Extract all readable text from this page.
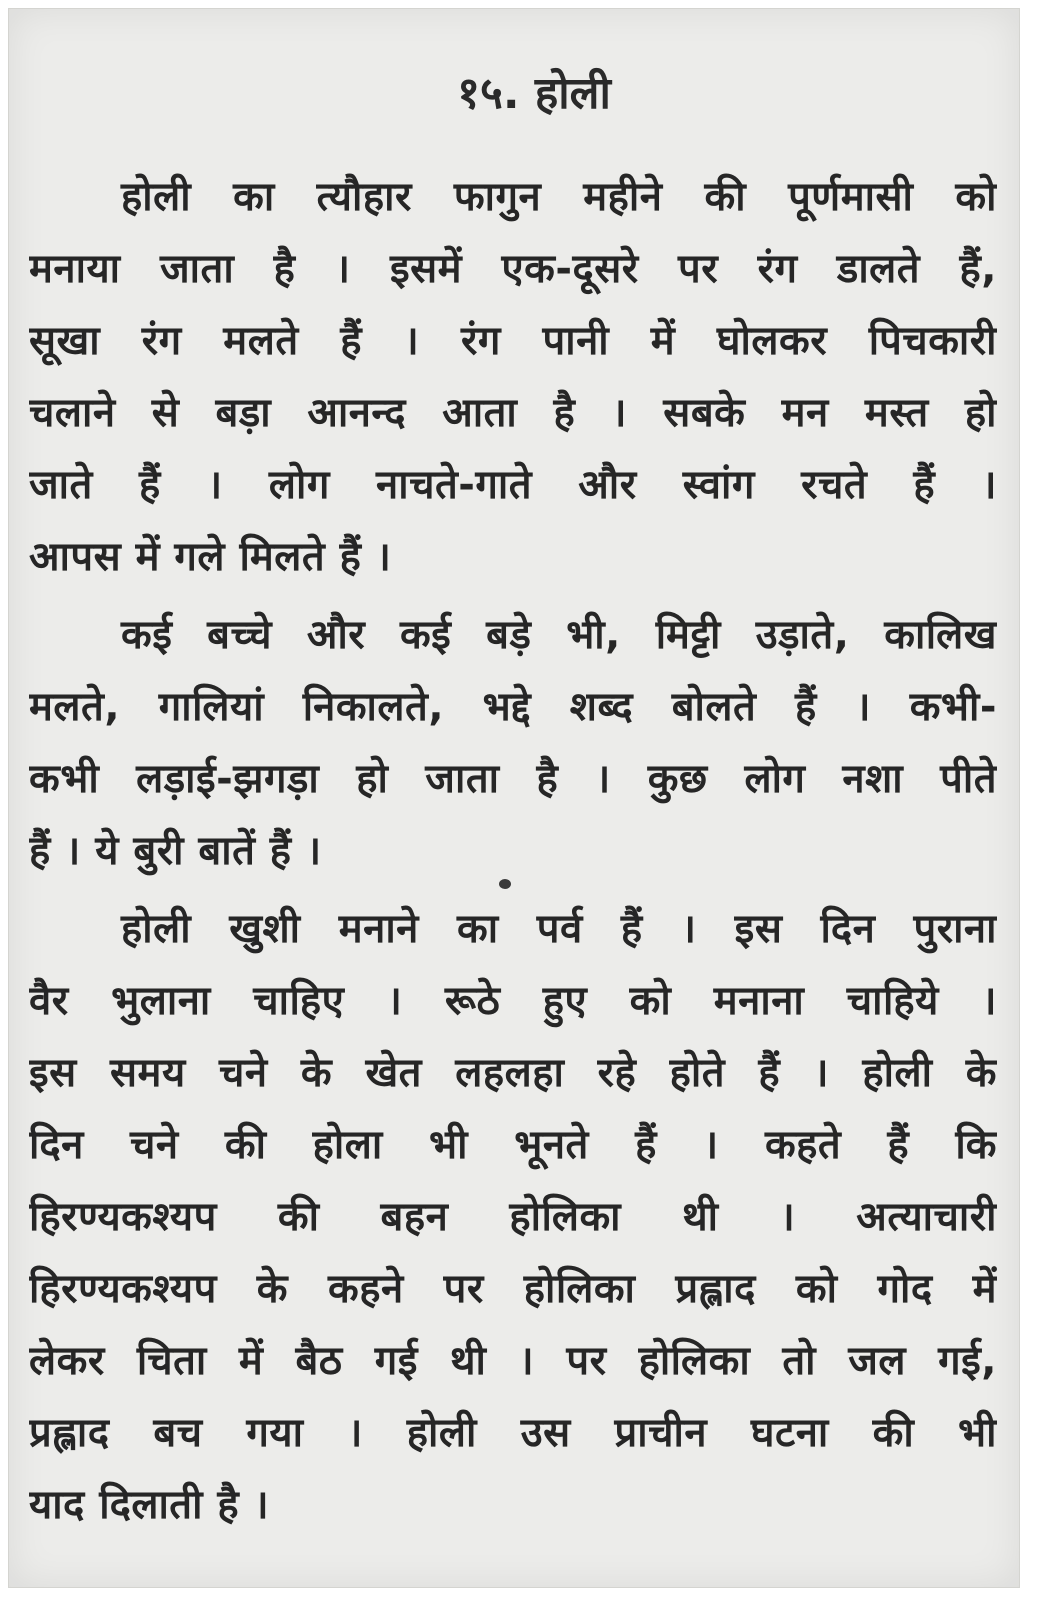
१५. होली
होली का त्यौहार फागुन महीने की पूर्णमासी को
मनाया जाता है । इसमें एक-दूसरे पर रंग डालते हैं,
सूखा रंग मलते हैं । रंग पानी में घोलकर पिचकारी
चलाने से बड़ा आनन्द आता है । सबके मन मस्त हो
जाते हैं । लोग नाचते-गाते और स्वांग रचते हैं ।
आपस में गले मिलते हैं ।
कई बच्चे और कई बड़े भी, मिट्टी उड़ाते, कालिख
मलते, गालियां निकालते, भद्दे शब्द बोलते हैं । कभी-
कभी लड़ाई-झगड़ा हो जाता है । कुछ लोग नशा पीते
हैं । ये बुरी बातें हैं ।
होली खुशी मनाने का पर्व हैं । इस दिन पुराना
वैर भुलाना चाहिए । रूठे हुए को मनाना चाहिये ।
इस समय चने के खेत लहलहा रहे होते हैं । होली के
दिन चने की होला भी भूनते हैं । कहते हैं कि
हिरण्यकश्यप की बहन होलिका थी । अत्याचारी
हिरण्यकश्यप के कहने पर होलिका प्रह्लाद को गोद में
लेकर चिता में बैठ गई थी । पर होलिका तो जल गई,
प्रह्लाद बच गया । होली उस प्राचीन घटना की भी
याद दिलाती है ।
